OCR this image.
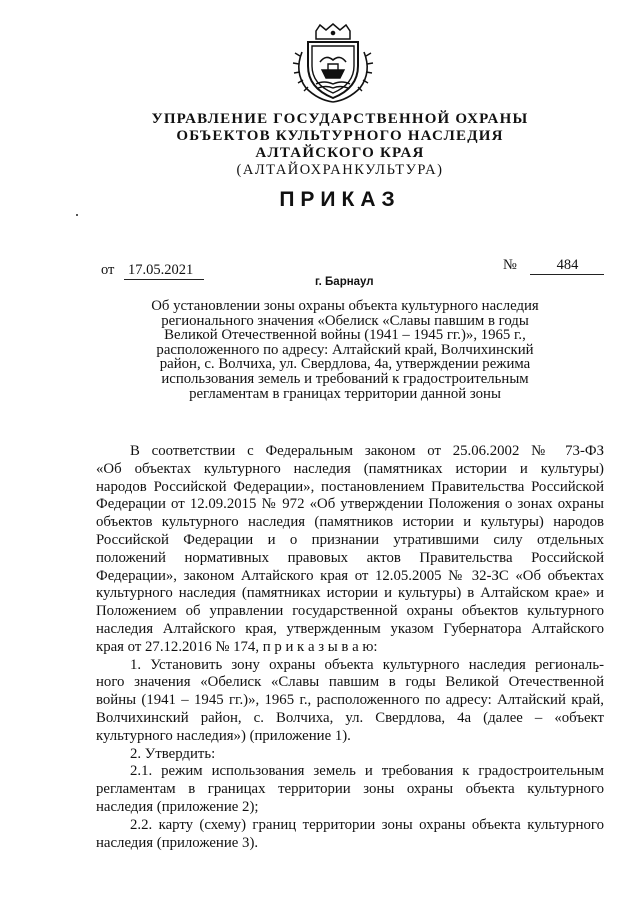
УПРАВЛЕНИЕ ГОСУДАРСТВЕННОЙ ОХРАНЫ
ОБЪЕКТОВ КУЛЬТУРНОГО НАСЛЕДИЯ
АЛТАЙСКОГО КРАЯ
(АЛТАЙОХРАНКУЛЬТУРА)
ПРИКАЗ
от 17.05.2021	№	484
г. Барнаул
Об установлении зоны охраны объекта культурного наследия
регионального значения «Обелиск «Славы павшим в годы
Великой Отечественной войны (1941 – 1945 гг.)», 1965 г.,
расположенного по адресу: Алтайский край, Волчихинский
район, с. Волчиха, ул. Свердлова, 4а, утверждении режима
использования земель и требований к градостроительным
регламентам в границах территории данной зоны
В соответствии с Федеральным законом от 25.06.2002 № 73-ФЗ
«Об объектах культурного наследия (памятниках истории и культуры)
народов Российской Федерации», постановлением Правительства Российской
Федерации от 12.09.2015 № 972 «Об утверждении Положения о зонах охраны
объектов культурного наследия (памятников истории и культуры) народов
Российской Федерации и о признании утратившими силу отдельных
положений нормативных правовых актов Правительства Российской
Федерации», законом Алтайского края от 12.05.2005 № 32-ЗС «Об объектах
культурного наследия (памятниках истории и культуры) в Алтайском крае» и
Положением об управлении государственной охраны объектов культурного
наследия Алтайского края, утвержденным указом Губернатора Алтайского
края от 27.12.2016 № 174, п р и к а з ы в а ю:
1. Установить зону охраны объекта культурного наследия региональ-
ного значения «Обелиск «Славы павшим в годы Великой Отечественной
войны (1941 – 1945 гг.)», 1965 г., расположенного по адресу: Алтайский край,
Волчихинский район, с. Волчиха, ул. Свердлова, 4а (далее – «объект
культурного наследия») (приложение 1).
2. Утвердить:
2.1. режим использования земель и требования к градостроительным
регламентам в границах территории зоны охраны объекта культурного
наследия (приложение 2);
2.2. карту (схему) границ территории зоны охраны объекта культурного
наследия (приложение 3).
